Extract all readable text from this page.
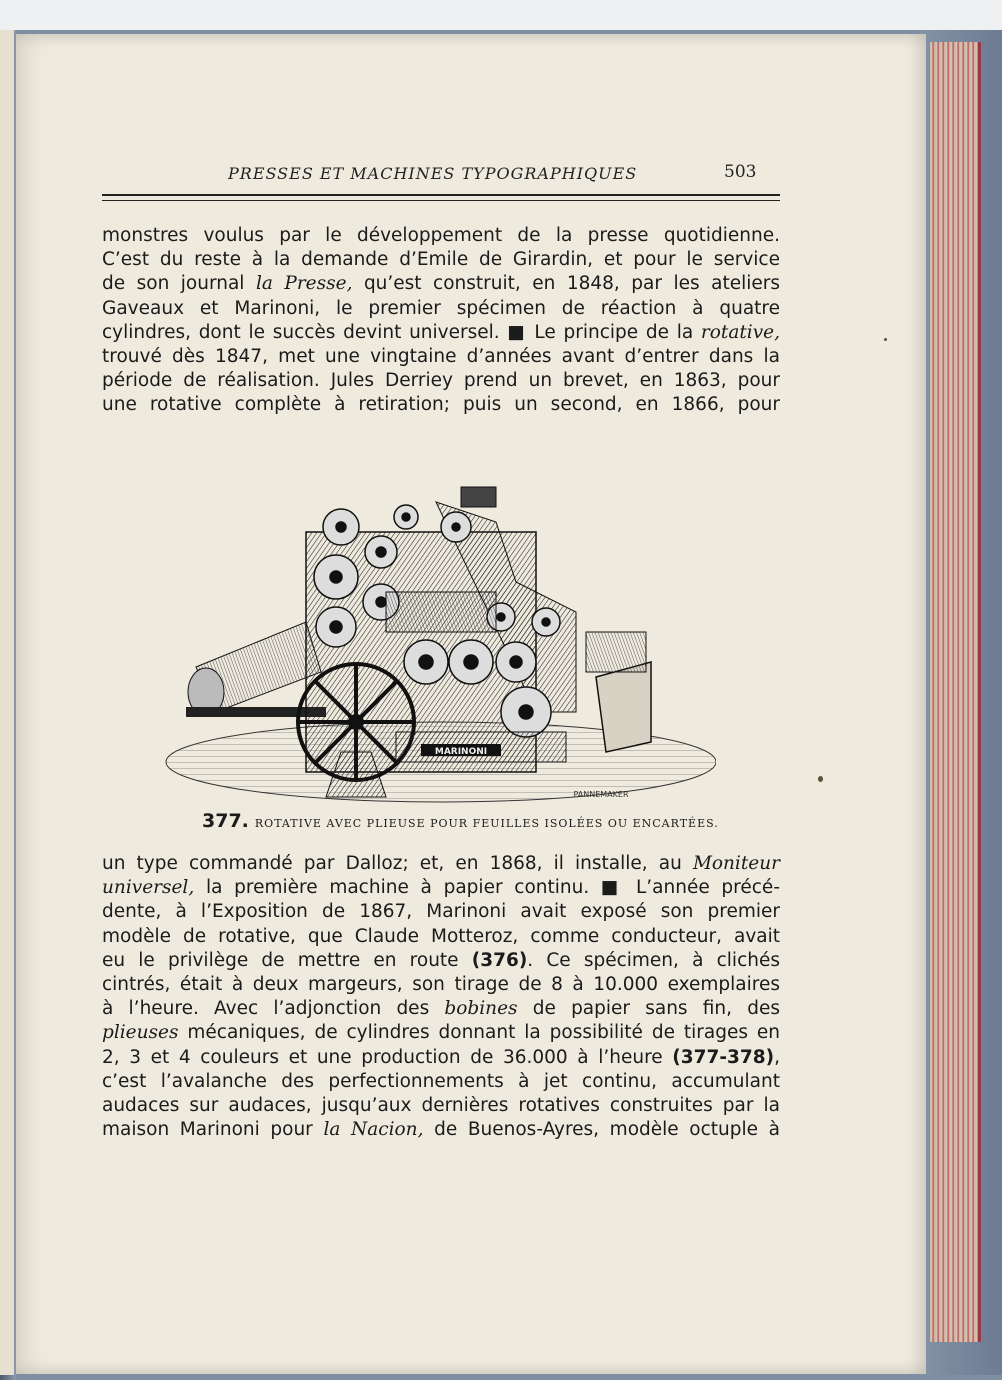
PRESSES ET MACHINES TYPOGRAPHIQUES	503
monstres voulus par le développement de la presse quotidienne.
C’est du reste à la demande d’Emile de Girardin, et pour le service
de son journal la Presse, qu’est construit, en 1848, par les ateliers
Gaveaux et Marinoni, le premier spécimen de réaction à quatre
cylindres, dont le succès devint universel. ■ Le principe de la rotative,
trouvé dès 1847, met une vingtaine d’années avant d’entrer dans la
période de réalisation. Jules Derriey prend un brevet, en 1863, pour
une rotative complète à retiration; puis un second, en 1866, pour
MARINONI
PANNEMAKER
377. ROTATIVE AVEC PLIEUSE POUR FEUILLES ISOLÉES OU ENCARTÉES.
un type commandé par Dalloz; et, en 1868, il installe, au Moniteur
universel, la première machine à papier continu. ■ L’année précé-
dente, à l’Exposition de 1867, Marinoni avait exposé son premier
modèle de rotative, que Claude Motteroz, comme conducteur, avait
eu le privilège de mettre en route (376). Ce spécimen, à clichés
cintrés, était à deux margeurs, son tirage de 8 à 10.000 exemplaires
à l’heure. Avec l’adjonction des bobines de papier sans fin, des
plieuses mécaniques, de cylindres donnant la possibilité de tirages en
2, 3 et 4 couleurs et une production de 36.000 à l’heure (377-378),
c’est l’avalanche des perfectionnements à jet continu, accumulant
audaces sur audaces, jusqu’aux dernières rotatives construites par la
maison Marinoni pour la Nacion, de Buenos-Ayres, modèle octuple à
